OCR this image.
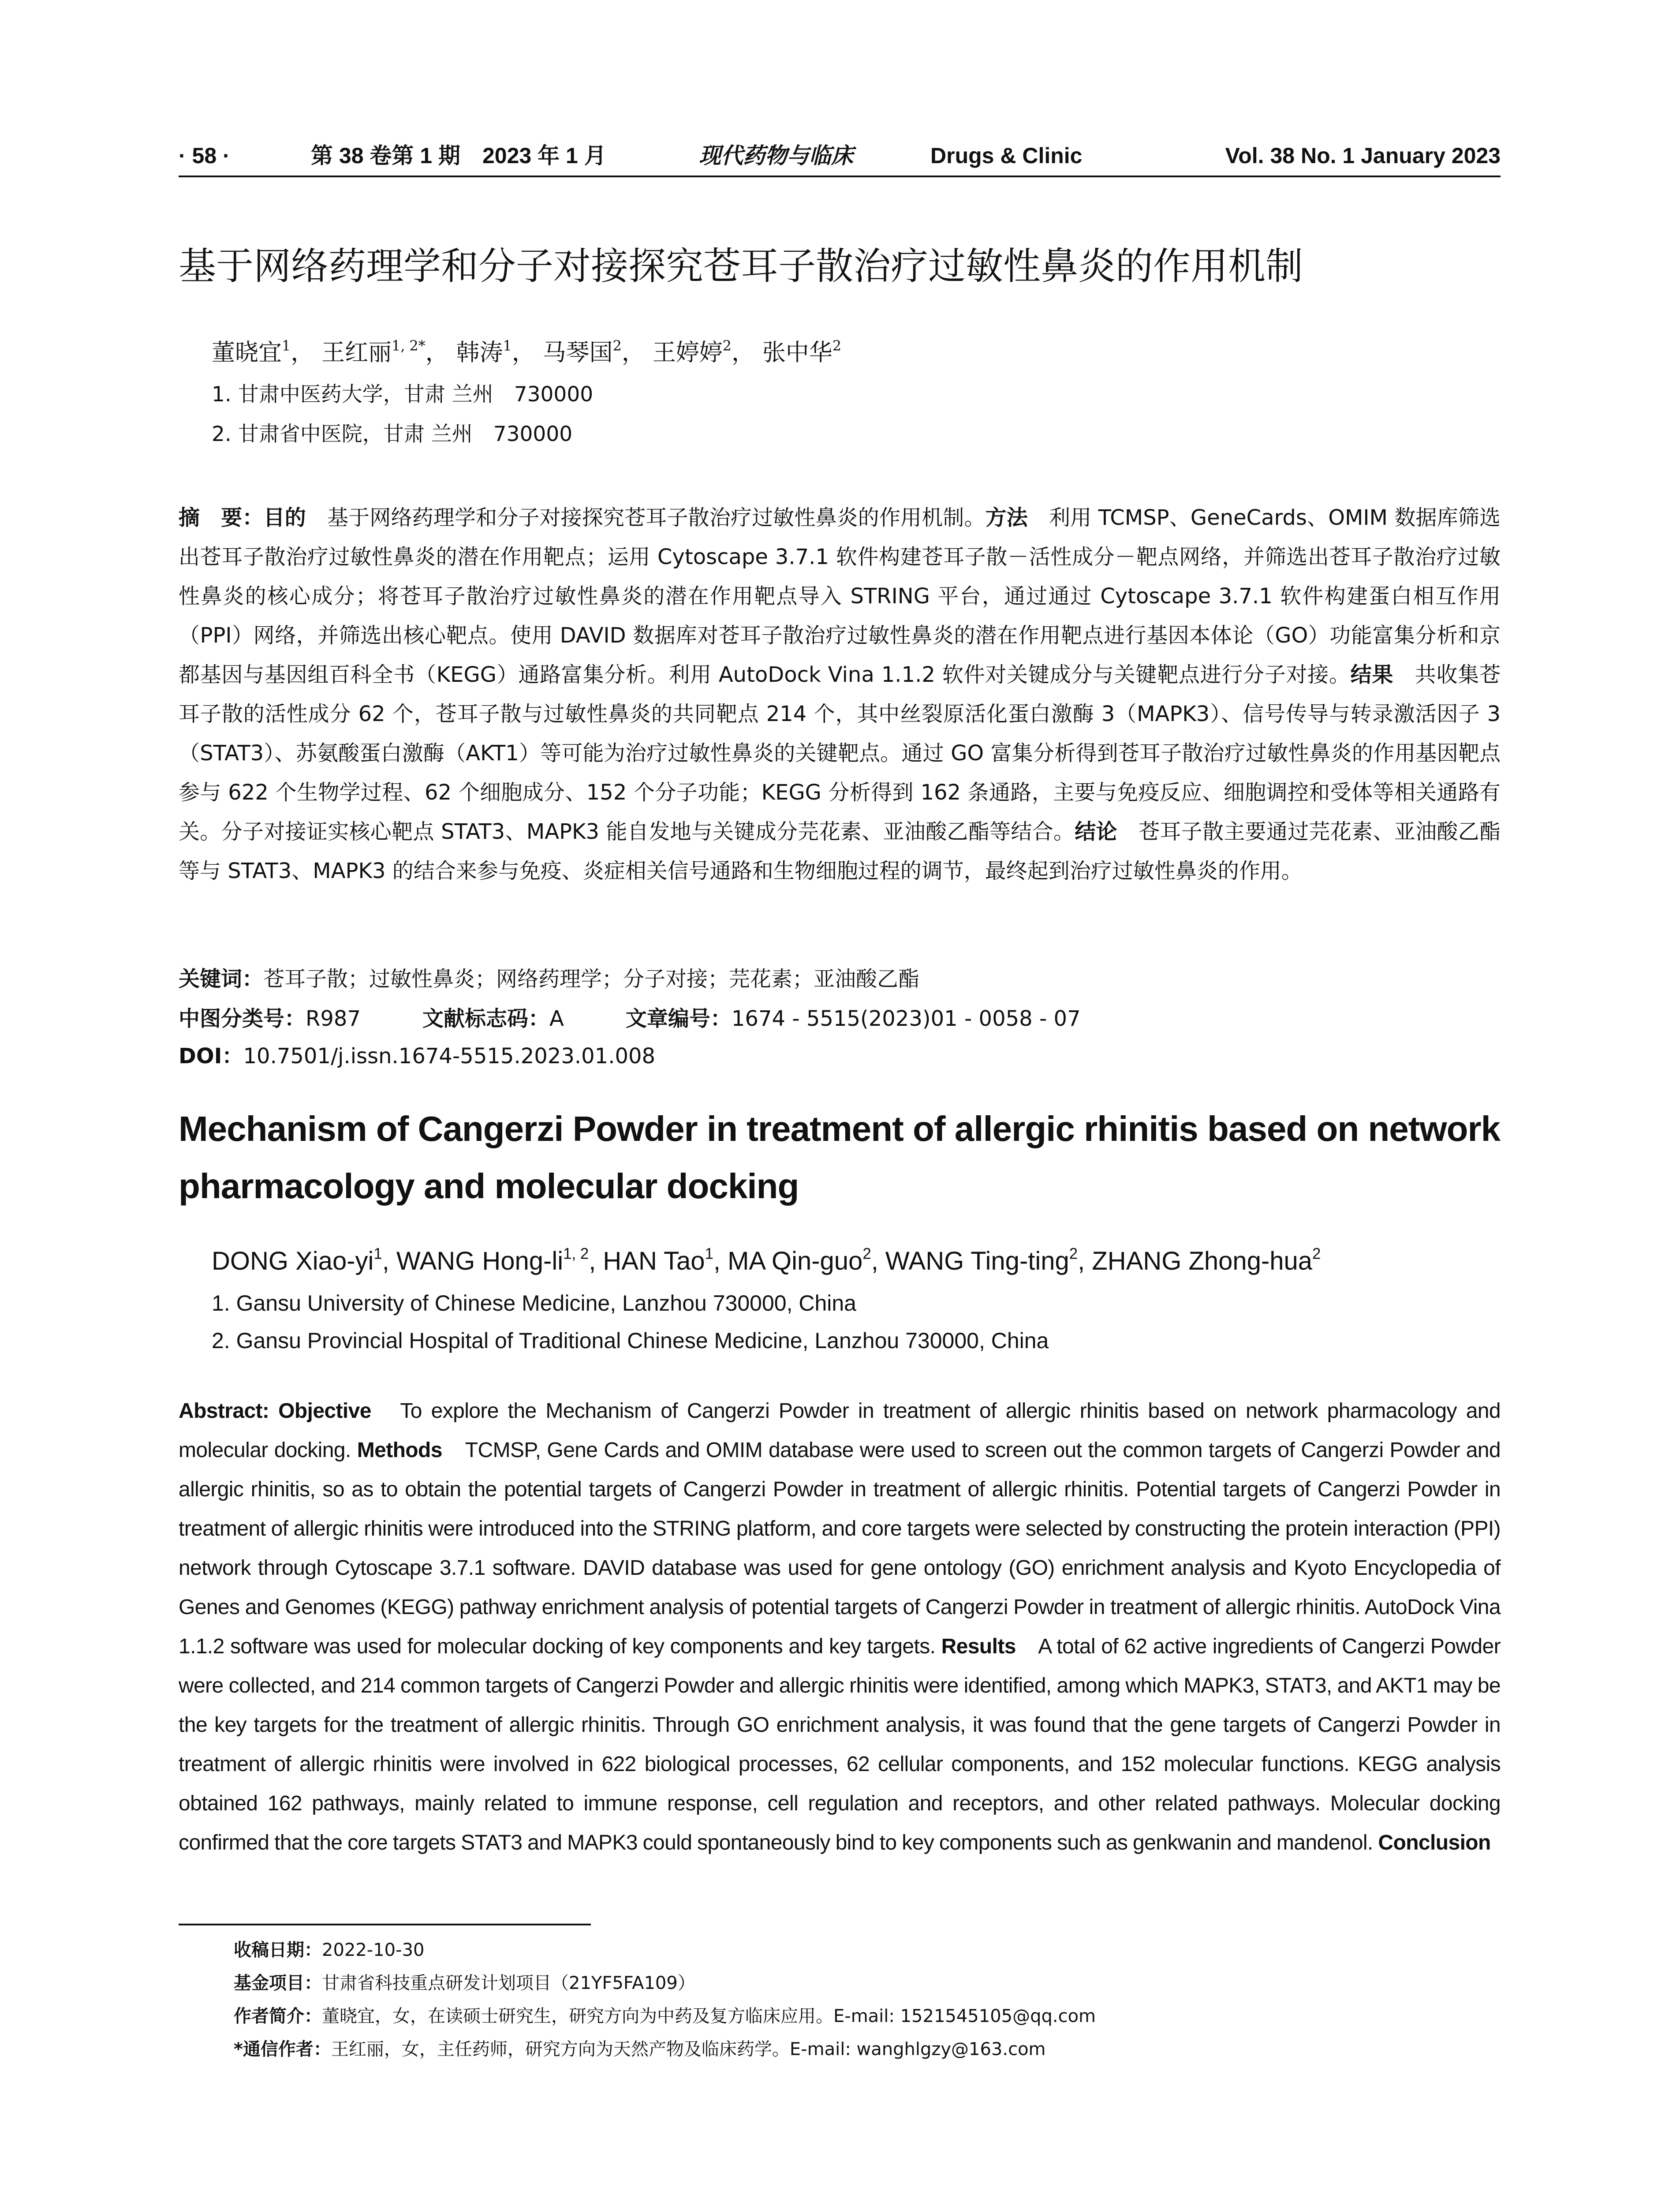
· 58 ·	第 38 卷第 1 期　2023 年 1 月	现代药物与临床	Drugs & Clinic	Vol. 38 No. 1 January 2023
基于网络药理学和分子对接探究苍耳子散治疗过敏性鼻炎的作用机制
董晓宜$^1$， 王红丽$^{1, 2*}$， 韩涛$^1$， 马琴国$^2$， 王婷婷$^2$， 张中华$^2$
1. 甘肃中医药大学，甘肃 兰州　730000
2. 甘肃省中医院，甘肃 兰州　730000

摘　要：目的　基于网络药理学和分子对接探究苍耳子散治疗过敏性鼻炎的作用机制。方法　利用 TCMSP、GeneCards、OMIM 数据库筛选出苍耳子散治疗过敏性鼻炎的潜在作用靶点；运用 Cytoscape 3.7.1 软件构建苍耳子散－活性成分－靶点网络，并筛选出苍耳子散治疗过敏性鼻炎的核心成分；将苍耳子散治疗过敏性鼻炎的潜在作用靶点导入 STRING 平台，通过通过 Cytoscape 3.7.1 软件构建蛋白相互作用（PPI）网络，并筛选出核心靶点。使用 DAVID 数据库对苍耳子散治疗过敏性鼻炎的潜在作用靶点进行基因本体论（GO）功能富集分析和京都基因与基因组百科全书（KEGG）通路富集分析。利用 AutoDock Vina 1.1.2 软件对关键成分与关键靶点进行分子对接。结果　共收集苍耳子散的活性成分 62 个，苍耳子散与过敏性鼻炎的共同靶点 214 个，其中丝裂原活化蛋白激酶 3（MAPK3）、信号传导与转录激活因子 3（STAT3）、苏氨酸蛋白激酶（AKT1）等可能为治疗过敏性鼻炎的关键靶点。通过 GO 富集分析得到苍耳子散治疗过敏性鼻炎的作用基因靶点参与 622 个生物学过程、62 个细胞成分、152 个分子功能；KEGG 分析得到 162 条通路，主要与免疫反应、细胞调控和受体等相关通路有关。分子对接证实核心靶点 STAT3、MAPK3 能自发地与关键成分芫花素、亚油酸乙酯等结合。结论　苍耳子散主要通过芫花素、亚油酸乙酯等与 STAT3、MAPK3 的结合来参与免疫、炎症相关信号通路和生物细胞过程的调节，最终起到治疗过敏性鼻炎的作用。

关键词：苍耳子散；过敏性鼻炎；网络药理学；分子对接；芫花素；亚油酸乙酯
中图分类号：R987	文献标志码：A	文章编号：1674 - 5515(2023)01 - 0058 - 07
DOI：10.7501/j.issn.1674-5515.2023.01.008
Mechanism of Cangerzi Powder in treatment of allergic rhinitis based on network pharmacology and molecular docking
DONG Xiao-$yi^1$, WANG Hong-li$^{1, 2}$, HAN Tao$^1$, MA Qin-guo$^2$, WANG Ting-ting$^2$, ZHANG Zhong-hua$^2$
1. Gansu University of Chinese Medicine, Lanzhou 730000, China
2. Gansu Provincial Hospital of Traditional Chinese Medicine, Lanzhou 730000, China

Abstract: Objective　To explore the Mechanism of Cangerzi Powder in treatment of allergic rhinitis based on network pharmacology and molecular docking. Methods　TCMSP, Gene Cards and OMIM database were used to screen out the common targets of Cangerzi Powder and allergic rhinitis, so as to obtain the potential targets of Cangerzi Powder in treatment of allergic rhinitis. Potential targets of Cangerzi Powder in treatment of allergic rhinitis were introduced into the STRING platform, and core targets were selected by constructing the protein interaction (PPI) network through Cytoscape 3.7.1 software. DAVID database was used for gene ontology (GO) enrichment analysis and Kyoto Encyclopedia of Genes and Genomes (KEGG) pathway enrichment analysis of potential targets of Cangerzi Powder in treatment of allergic rhinitis. AutoDock Vina 1.1.2 software was used for molecular docking of key components and key targets. Results　A total of 62 active ingredients of Cangerzi Powder were collected, and 214 common targets of Cangerzi Powder and allergic rhinitis were identified, among which MAPK3, STAT3, and AKT1 may be the key targets for the treatment of allergic rhinitis. Through GO enrichment analysis, it was found that the gene targets of Cangerzi Powder in treatment of allergic rhinitis were involved in 622 biological processes, 62 cellular components, and 152 molecular functions. KEGG analysis obtained 162 pathways, mainly related to immune response, cell regulation and receptors, and other related pathways. Molecular docking confirmed that the core targets STAT3 and MAPK3 could spontaneously bind to key components such as genkwanin and mandenol. Conclusion

收稿日期：2022-10-30
基金项目：甘肃省科技重点研发计划项目（21YF5FA109）
作者简介：董晓宜，女，在读硕士研究生，研究方向为中药及复方临床应用。E-mail: 1521545105@qq.com
*通信作者：王红丽，女，主任药师，研究方向为天然产物及临床药学。E-mail: wanghlgzy@163.com
